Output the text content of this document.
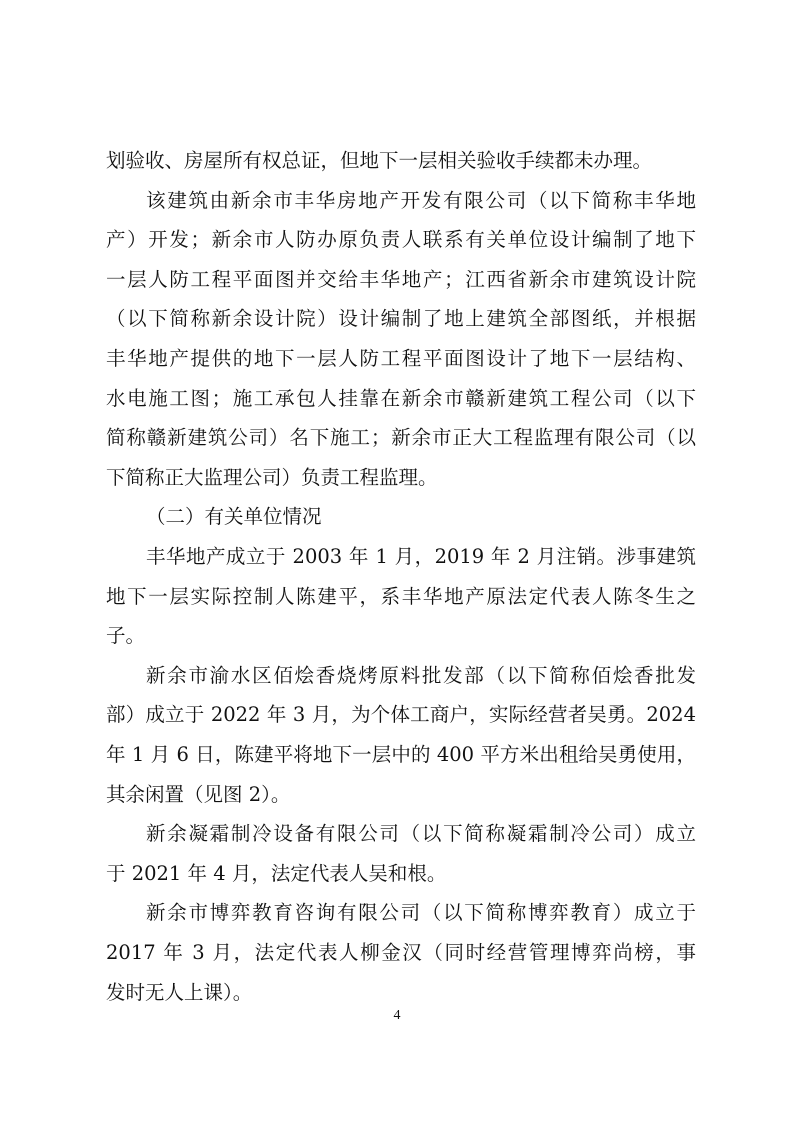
划验收、房屋所有权总证，但地下一层相关验收手续都未办理。
该建筑由新余市丰华房地产开发有限公司（以下简称丰华地
产）开发；新余市人防办原负责人联系有关单位设计编制了地下
一层人防工程平面图并交给丰华地产；江西省新余市建筑设计院
（以下简称新余设计院）设计编制了地上建筑全部图纸，并根据
丰华地产提供的地下一层人防工程平面图设计了地下一层结构、
水电施工图；施工承包人挂靠在新余市赣新建筑工程公司（以下
简称赣新建筑公司）名下施工；新余市正大工程监理有限公司（以
下简称正大监理公司）负责工程监理。
（二）有关单位情况
丰华地产成立于 2003 年 1 月，2019 年 2 月注销。涉事建筑
地下一层实际控制人陈建平，系丰华地产原法定代表人陈冬生之
子。
新余市渝水区佰烩香烧烤原料批发部（以下简称佰烩香批发
部）成立于 2022 年 3 月，为个体工商户，实际经营者吴勇。2024
年 1 月 6 日，陈建平将地下一层中的 400 平方米出租给吴勇使用，
其余闲置（见图 2）。
新余凝霜制冷设备有限公司（以下简称凝霜制冷公司）成立
于 2021 年 4 月，法定代表人吴和根。
新余市博弈教育咨询有限公司（以下简称博弈教育）成立于
2017 年 3 月，法定代表人柳金汉（同时经营管理博弈尚榜，事
发时无人上课）。
4
